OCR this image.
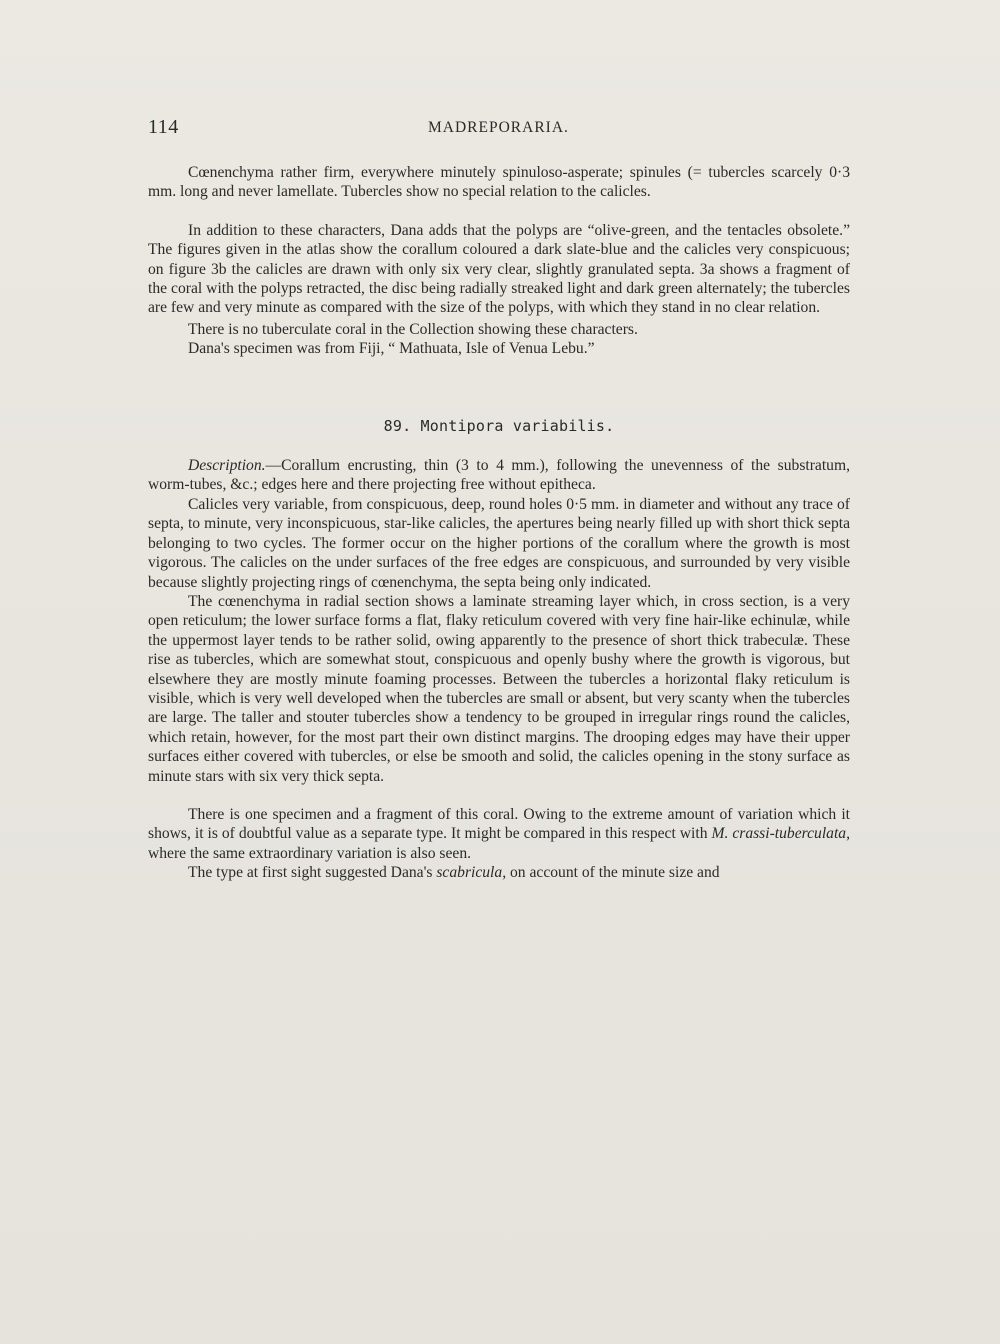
114	MADREPORARIA.

Cœnenchyma rather firm, everywhere minutely spinuloso-asperate; spinules (= tubercles scarcely 0·3 mm. long and never lamellate. Tubercles show no special relation to the calicles.

In addition to these characters, Dana adds that the polyps are “olive-green, and the tentacles obsolete.” The figures given in the atlas show the corallum coloured a dark slate-blue and the calicles very conspicuous; on figure 3b the calicles are drawn with only six very clear, slightly granulated septa. 3a shows a fragment of the coral with the polyps retracted, the disc being radially streaked light and dark green alternately; the tubercles are few and very minute as compared with the size of the polyps, with which they stand in no clear relation.

There is no tuberculate coral in the Collection showing these characters.

Dana's specimen was from Fiji, “ Mathuata, Isle of Venua Lebu.”

89. Montipora variabilis.

Description.—Corallum encrusting, thin (3 to 4 mm.), following the unevenness of the substratum, worm-tubes, &c.; edges here and there projecting free without epitheca.

Calicles very variable, from conspicuous, deep, round holes 0·5 mm. in diameter and without any trace of septa, to minute, very inconspicuous, star-like calicles, the apertures being nearly filled up with short thick septa belonging to two cycles. The former occur on the higher portions of the corallum where the growth is most vigorous. The calicles on the under surfaces of the free edges are conspicuous, and surrounded by very visible because slightly projecting rings of cœnenchyma, the septa being only indicated.

The cœnenchyma in radial section shows a laminate streaming layer which, in cross section, is a very open reticulum; the lower surface forms a flat, flaky reticulum covered with very fine hair-like echinulæ, while the uppermost layer tends to be rather solid, owing apparently to the presence of short thick trabeculæ. These rise as tubercles, which are somewhat stout, conspicuous and openly bushy where the growth is vigorous, but elsewhere they are mostly minute foaming processes. Between the tubercles a horizontal flaky reticulum is visible, which is very well developed when the tubercles are small or absent, but very scanty when the tubercles are large. The taller and stouter tubercles show a tendency to be grouped in irregular rings round the calicles, which retain, however, for the most part their own distinct margins. The drooping edges may have their upper surfaces either covered with tubercles, or else be smooth and solid, the calicles opening in the stony surface as minute stars with six very thick septa.

There is one specimen and a fragment of this coral. Owing to the extreme amount of variation which it shows, it is of doubtful value as a separate type. It might be compared in this respect with M. crassi-tuberculata, where the same extraordinary variation is also seen.

The type at first sight suggested Dana's scabricula, on account of the minute size and
